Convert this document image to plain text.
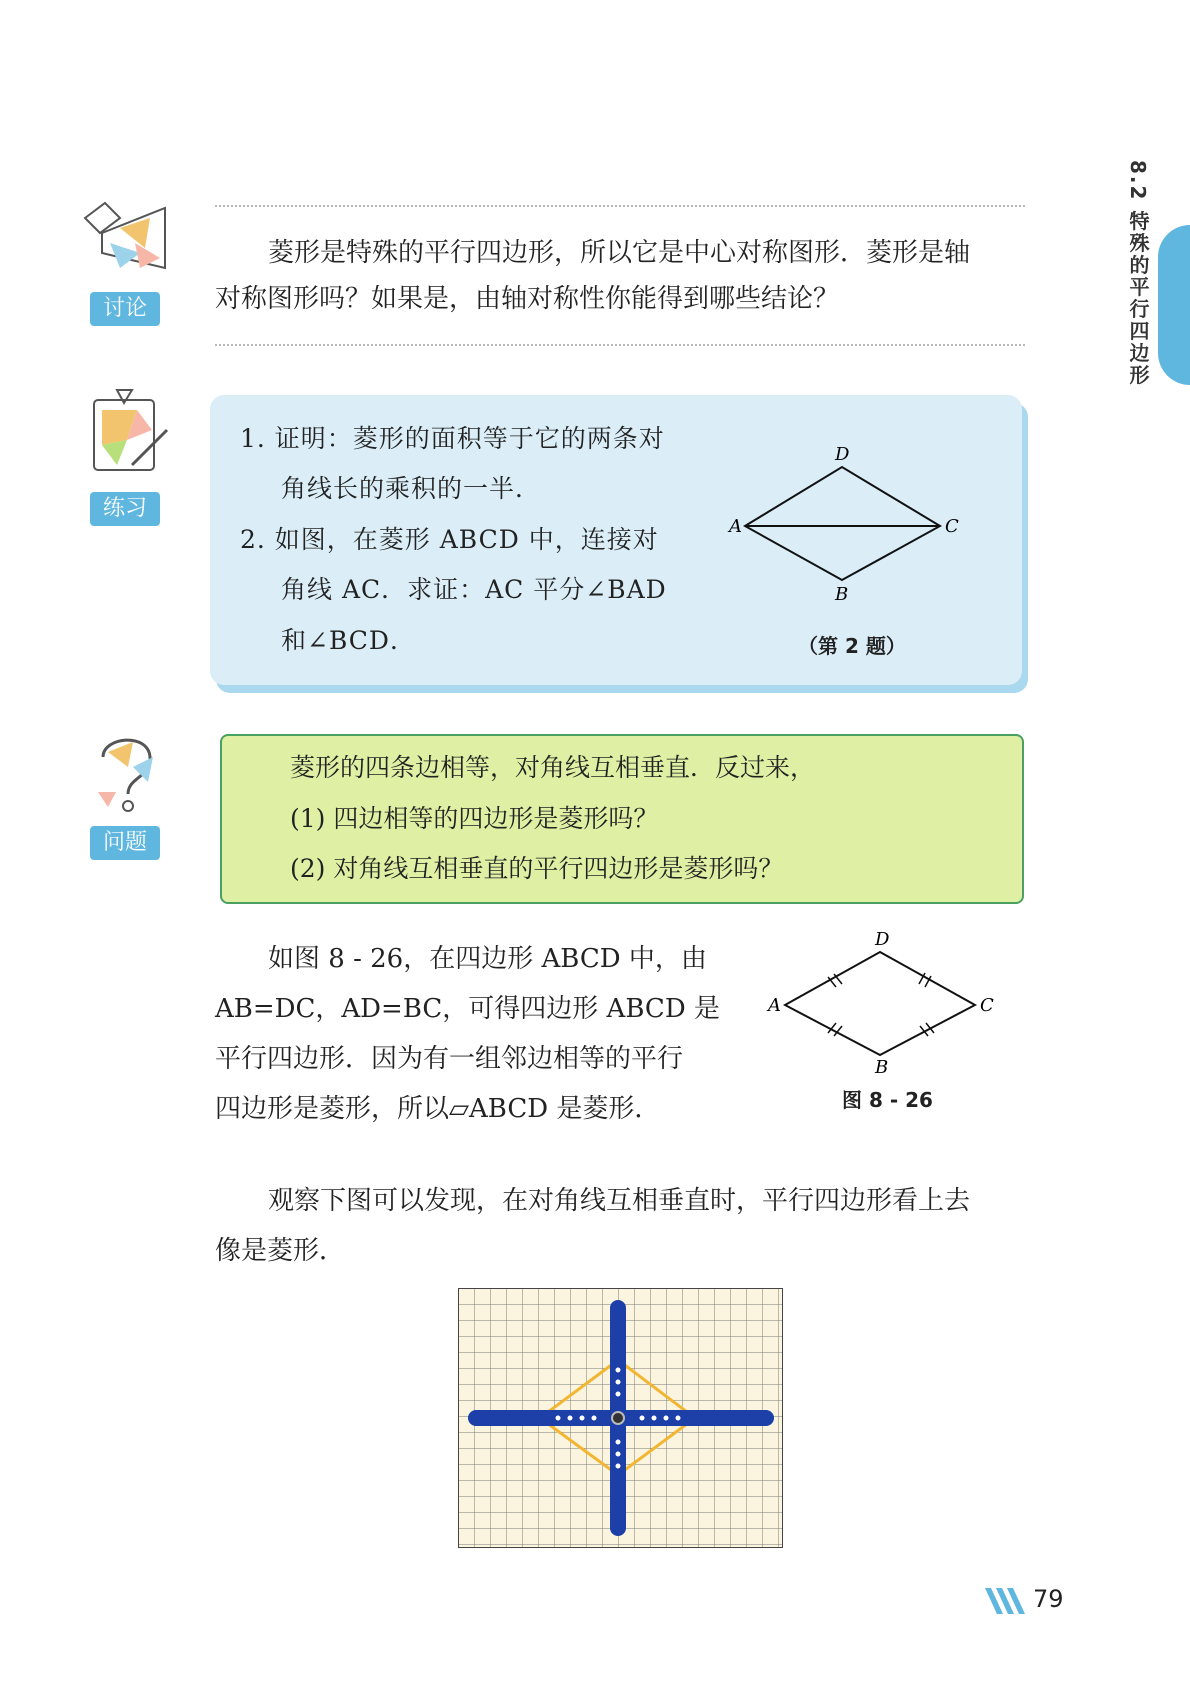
8.2 特殊的平行四边形
讨论
菱形是特殊的平行四边形，所以它是中心对称图形．菱形是轴
对称图形吗？如果是，由轴对称性你能得到哪些结论？
练习
1. 证明：菱形的面积等于它的两条对
角线长的乘积的一半．
2. 如图，在菱形 ABCD 中，连接对
角线 AC．求证：AC 平分∠BAD
和∠BCD．
D
A	C
B
（第 2 题）
问题
菱形的四条边相等，对角线互相垂直．反过来，
(1) 四边相等的四边形是菱形吗？
(2) 对角线互相垂直的平行四边形是菱形吗？
如图 8 - 26，在四边形 ABCD 中，由
AB=DC，AD=BC，可得四边形 ABCD 是
平行四边形．因为有一组邻边相等的平行
四边形是菱形，所以▱ABCD 是菱形．
D
A	C
B
图 8 - 26
观察下图可以发现，在对角线互相垂直时，平行四边形看上去
像是菱形．
79
